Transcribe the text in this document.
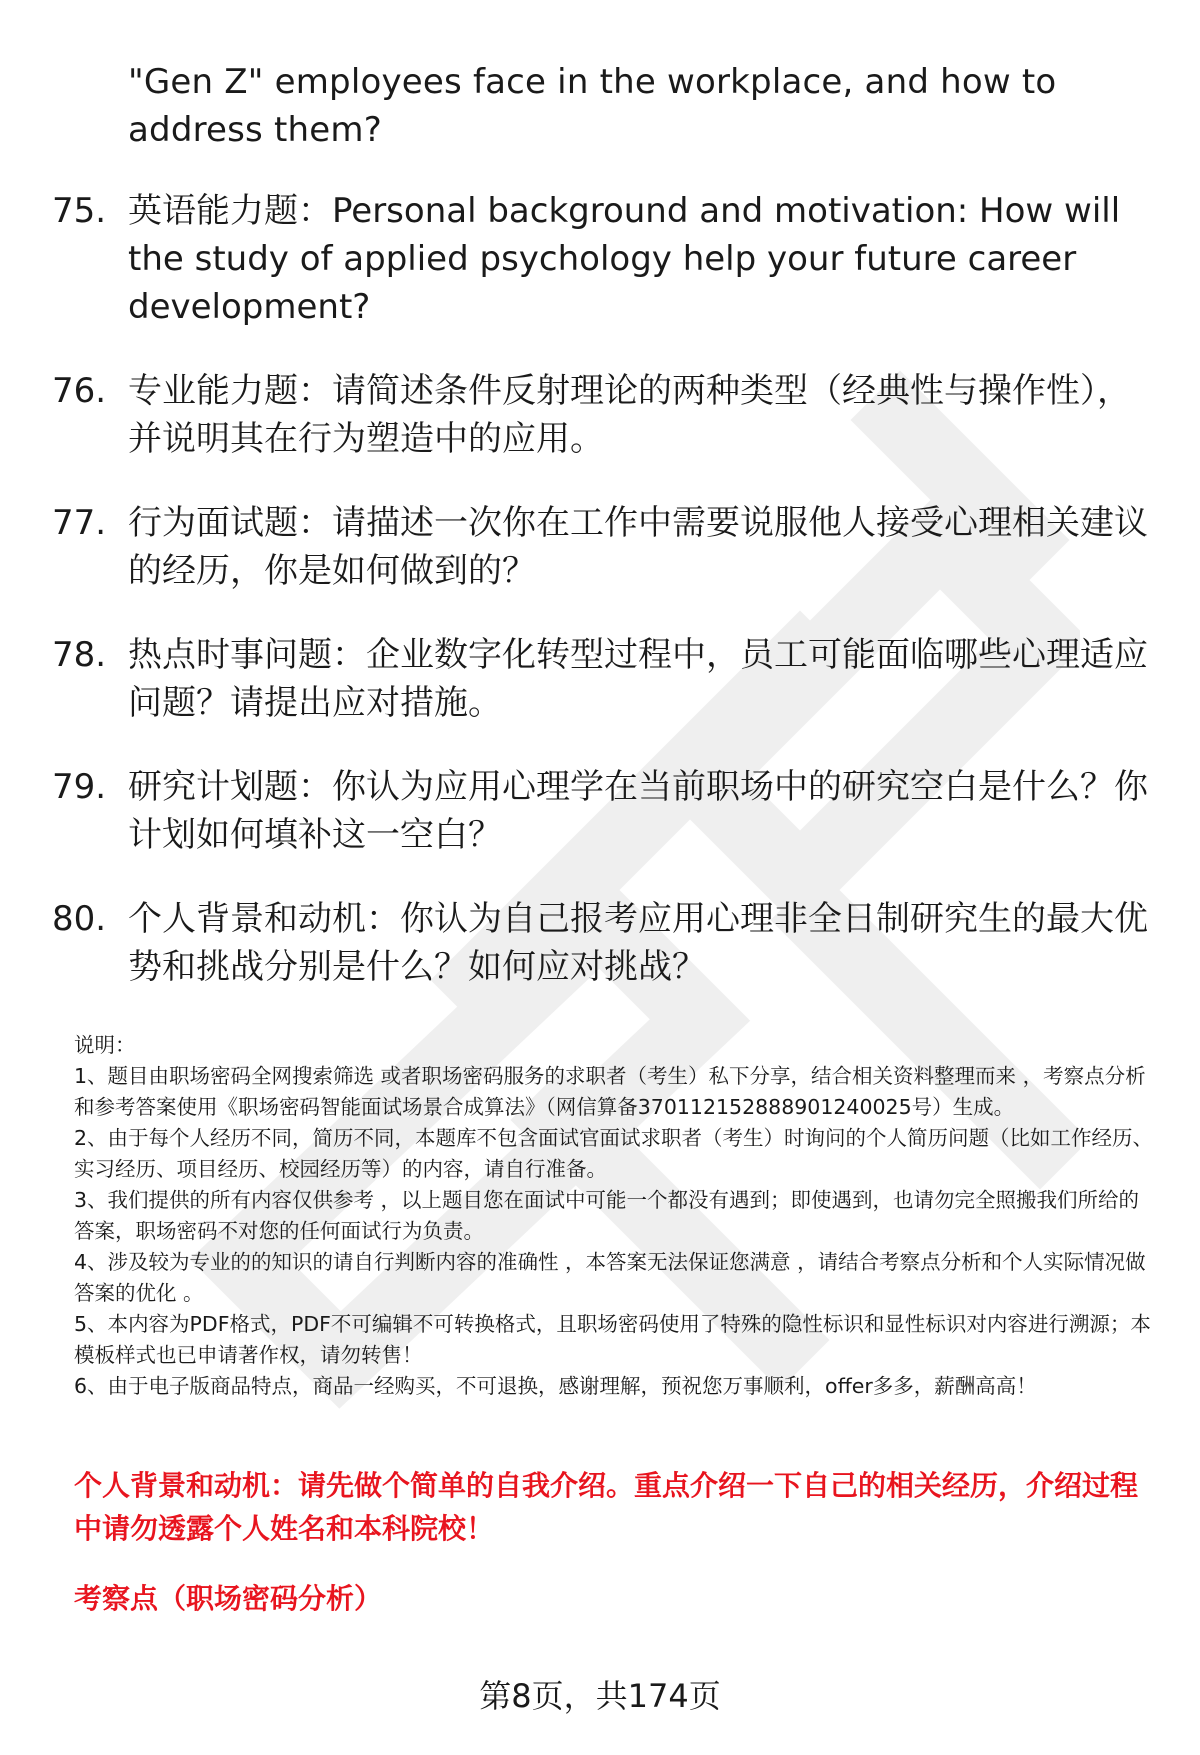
"Gen Z" employees face in the workplace, and how to address them?
75. 英语能力题：Personal background and motivation: How will the study of applied psychology help your future career development?
76. 专业能力题：请简述条件反射理论的两种类型（经典性与操作性），并说明其在行为塑造中的应用。
77. 行为面试题：请描述一次你在工作中需要说服他人接受心理相关建议的经历，你是如何做到的？
78. 热点时事问题：企业数字化转型过程中，员工可能面临哪些心理适应问题？请提出应对措施。
79. 研究计划题：你认为应用心理学在当前职场中的研究空白是什么？你计划如何填补这一空白？
80. 个人背景和动机：你认为自己报考应用心理非全日制研究生的最大优势和挑战分别是什么？如何应对挑战？

说明：

1、题目由职场密码全网搜索筛选 或者职场密码服务的求职者（考生）私下分享，结合相关资料整理而来 ，考察点分析和参考答案使用《职场密码智能面试场景合成算法》（网信算备370112152888901240025号）生成。

2、由于每个人经历不同，简历不同，本题库不包含面试官面试求职者（考生）时询问的个人简历问题（比如工作经历、实习经历、项目经历、校园经历等）的内容，请自行准备。

3、我们提供的所有内容仅供参考 ，以上题目您在面试中可能一个都没有遇到；即使遇到，也请勿完全照搬我们所给的答案，职场密码不对您的任何面试行为负责。

4、涉及较为专业的的知识的请自行判断内容的准确性 ，本答案无法保证您满意 ，请结合考察点分析和个人实际情况做答案的优化 。

5、本内容为PDF格式，PDF不可编辑不可转换格式，且职场密码使用了特殊的隐性标识和显性标识对内容进行溯源；本模板样式也已申请著作权，请勿转售！

6、由于电子版商品特点，商品一经购买，不可退换，感谢理解，预祝您万事顺利，offer多多，薪酬高高！

个人背景和动机：请先做个简单的自我介绍。重点介绍一下自己的相关经历，介绍过程中请勿透露个人姓名和本科院校！
考察点（职场密码分析）
第8页，共174页
